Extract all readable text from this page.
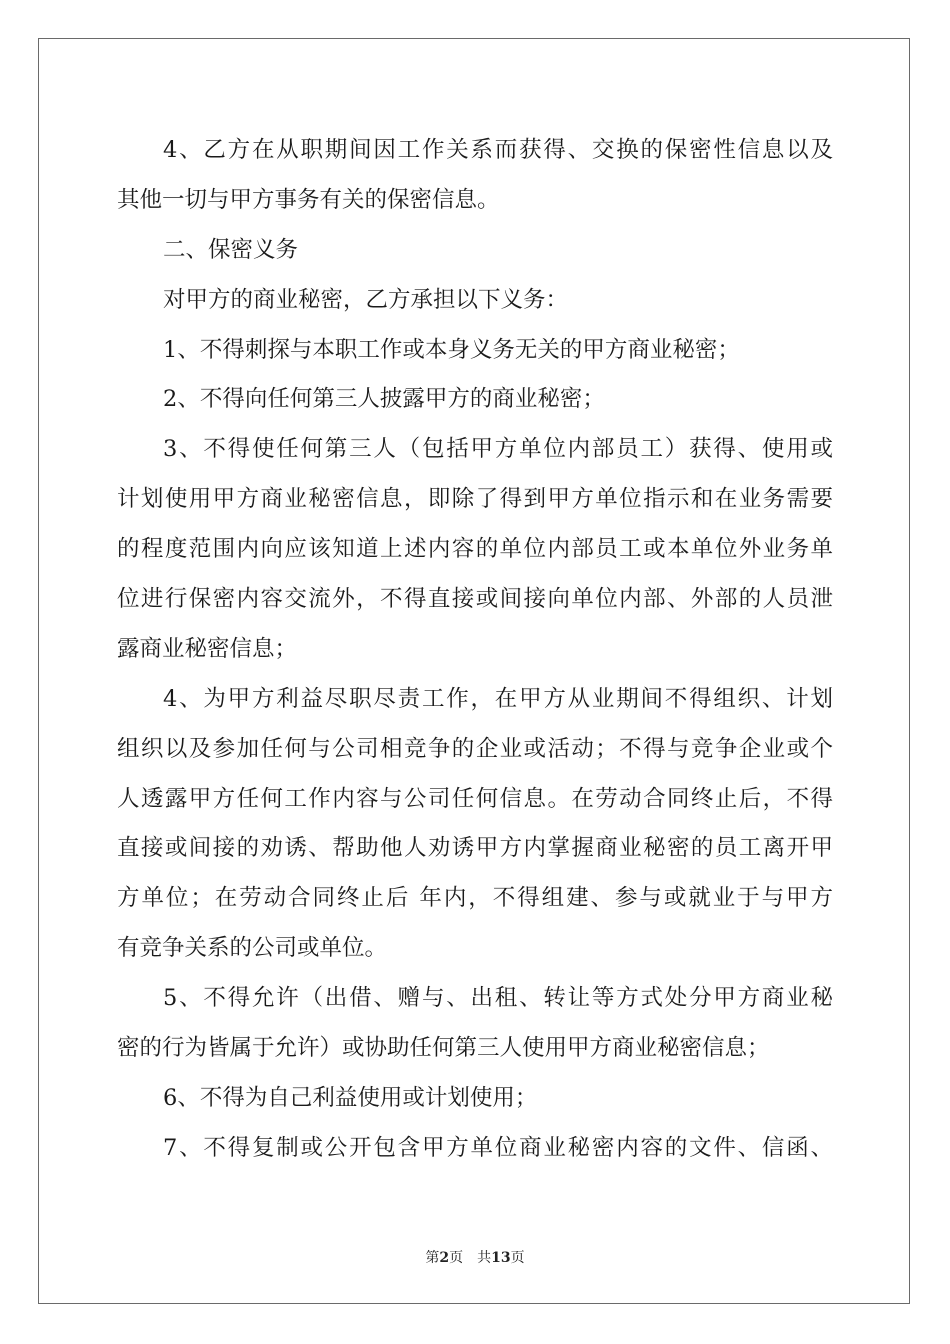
4、乙方在从职期间因工作关系而获得、交换的保密性信息以及
其他一切与甲方事务有关的保密信息。
二、保密义务
对甲方的商业秘密，乙方承担以下义务：
1、不得刺探与本职工作或本身义务无关的甲方商业秘密；
2、不得向任何第三人披露甲方的商业秘密；
3、不得使任何第三人（包括甲方单位内部员工）获得、使用或
计划使用甲方商业秘密信息，即除了得到甲方单位指示和在业务需要
的程度范围内向应该知道上述内容的单位内部员工或本单位外业务单
位进行保密内容交流外，不得直接或间接向单位内部、外部的人员泄
露商业秘密信息；
4、为甲方利益尽职尽责工作，在甲方从业期间不得组织、计划
组织以及参加任何与公司相竞争的企业或活动；不得与竞争企业或个
人透露甲方任何工作内容与公司任何信息。在劳动合同终止后，不得
直接或间接的劝诱、帮助他人劝诱甲方内掌握商业秘密的员工离开甲
方单位；在劳动合同终止后 年内，不得组建、参与或就业于与甲方
有竞争关系的公司或单位。
5、不得允许（出借、赠与、出租、转让等方式处分甲方商业秘
密的行为皆属于允许）或协助任何第三人使用甲方商业秘密信息；
6、不得为自己利益使用或计划使用；
7、不得复制或公开包含甲方单位商业秘密内容的文件、信函、
第2页 共13页
